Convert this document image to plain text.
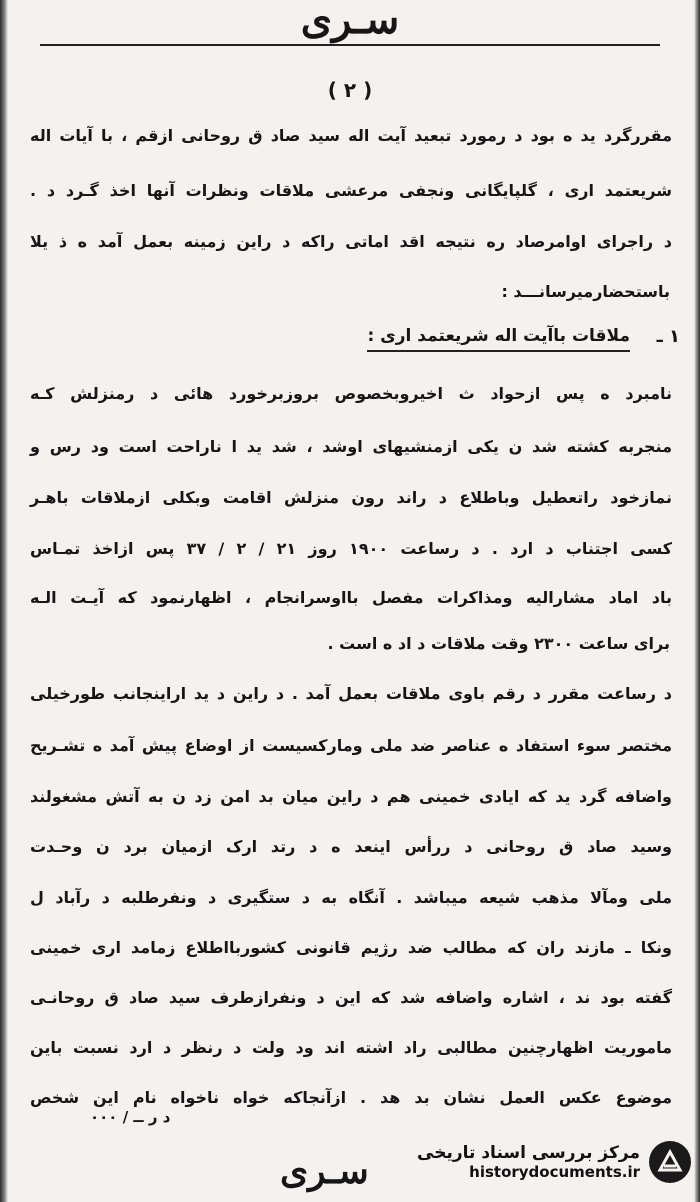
سـرى
( ٢ )
مقررگرد يد ه بود د رمورد تبعيد آيت اله سيد صاد ق روحانی ازقم ، با آيات اله
شريعتمد اری ، گلپايگانی ونجفی مرعشی ملاقات ونظرات آنها اخذ گـرد د .
د راجرای اوامرصاد ره نتيجه اقد اماتی راکه د راين زمينه بعمل آمد ه ذ يلا
باستحضارميرسانـــد :
١ ـ
ملاقات باآيت اله شريعتمد اری :
نامبرد ه پس ازحواد ث اخيروبخصوص بروزبرخورد هائی د رمنزلش کـه
منجربه کشته شد ن يکی ازمنشيهای اوشد ، شد يد ا ناراحت است ود رس و
نمازخود راتعطيل وباطلاع د راند رون منزلش اقامت وبکلی ازملاقات باهـر
کسی اجتناب د ارد . د رساعت ١٩٠٠ روز ٢١ / ٢ / ٣٧ پس ازاخذ تمـاس
باد اماد مشارالیه ومذاکرات مفصل بااوسرانجام ، اظهارنمود که آيـت الـه
برای ساعت ٢٣٠٠ وقت ملاقات د اد ه است .
د رساعت مقرر د رقم باوی ملاقات بعمل آمد . د راين د يد اراينجانب طورخيلی
مختصر سوء استفاد ه عناصر ضد ملی ومارکسيست از اوضاع پيش آمد ه تشـريح
واضافه گرد يد که ايادی خمينی هم د راين ميان بد امن زد ن به آتش مشغولند
وسيد صاد ق روحانی د ررأس اينعد ه د رتد ارک ازميان برد ن وحـدت
ملی ومآلا مذهب شيعه ميباشد . آنگاه به د ستگيری د ونفرطلبه د رآباد ل
ونکا ـ مازند ران که مطالب ضد رژيم قانونی کشوربااطلاع زمامد اری خمينی
گفته بود ند ، اشاره واضافه شد که اين د ونفرازطرف سيد صاد ق روحانـی
ماموريت اظهارچنين مطالبی راد اشته اند ود ولت د رنظر د ارد نسبت باين
موضوع عکس العمل نشان بد هد . ازآنجاکه خواه ناخواه نام اين شخص
د ر ــ / ٠٠٠
سـرى	مرکز بررسی اسناد تاریخی
historydocuments.ir
